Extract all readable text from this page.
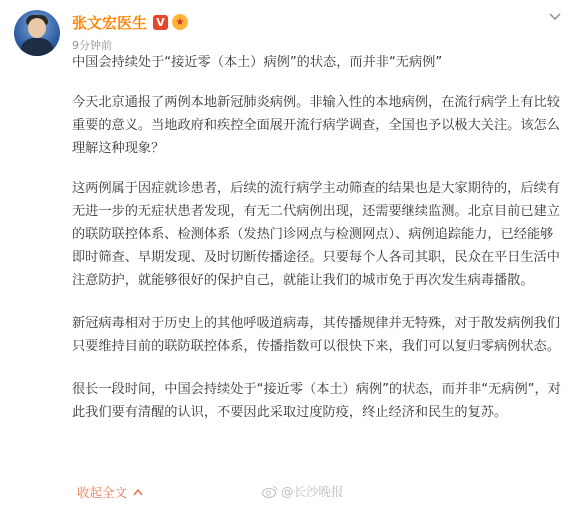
张文宏医生 V	★
9分钟前

中国会持续处于“接近零（本土）病例”的状态，而并非“无病例”

今天北京通报了两例本地新冠肺炎病例。非输入性的本地病例，在流行病学上有比较重要的意义。当地政府和疾控全面展开流行病学调查，全国也予以极大关注。该怎么理解这种现象？

这两例属于因症就诊患者，后续的流行病学主动筛查的结果也是大家期待的，后续有无进一步的无症状患者发现，有无二代病例出现，还需要继续监测。北京目前已建立的联防联控体系、检测体系（发热门诊网点与检测网点）、病例追踪能力，已经能够即时筛查、早期发现、及时切断传播途径。只要每个人各司其职，民众在平日生活中注意防护，就能够很好的保护自己，就能让我们的城市免于再次发生病毒播散。

新冠病毒相对于历史上的其他呼吸道病毒，其传播规律并无特殊，对于散发病例我们只要维持目前的联防联控体系，传播指数可以很快下来，我们可以复归零病例状态。

很长一段时间，中国会持续处于“接近零（本土）病例”的状态，而并非“无病例”，对此我们要有清醒的认识，不要因此采取过度防疫，终止经济和民生的复苏。

收起全文	@长沙晚报
